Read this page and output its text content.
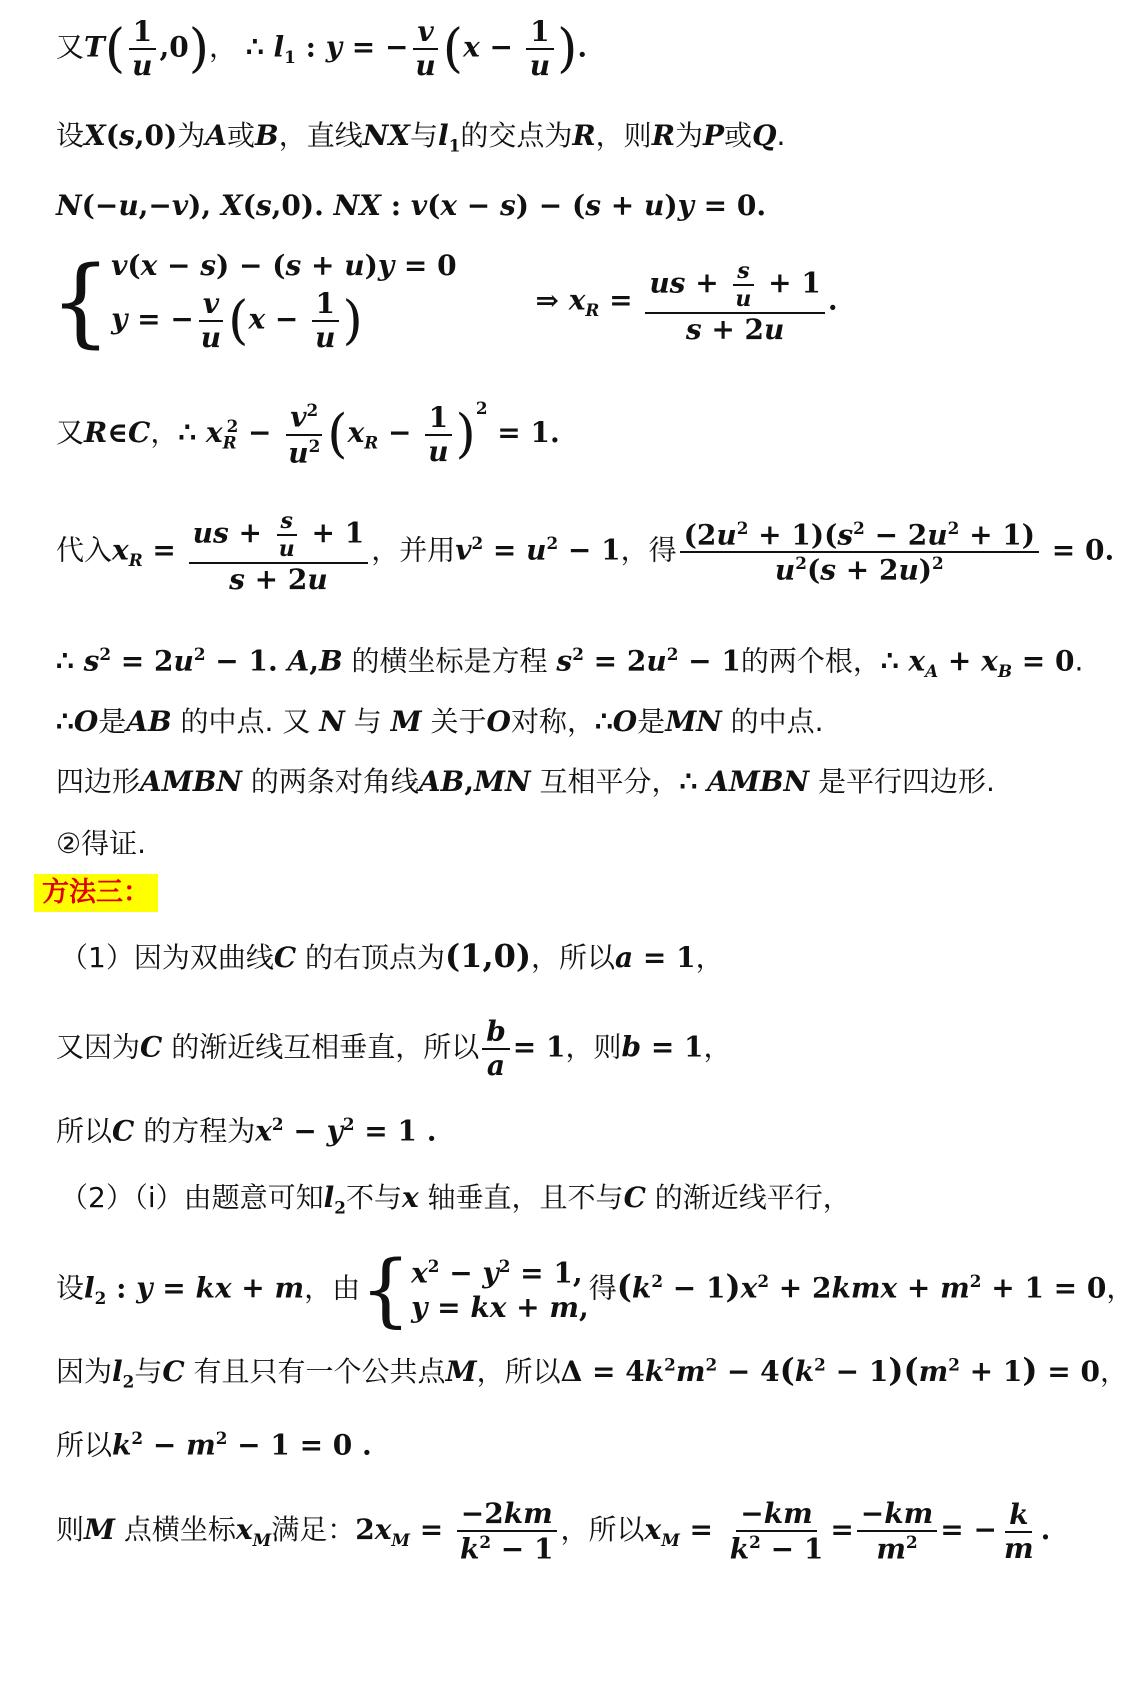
又$T( \frac{1}{u} ,0)$， ∴ $l_1$ : y = − $\frac{v}{u} (x - \frac{1}{u}$ ).
设X(s,0)为A或B，直线NX与$l_1$的交点为R，则R为P或Q.
N(−u,−v), X(s,0). NX : v(x − s) − (s + u)y = 0.
{ v(x − s) − (s + u)y = 0
y = − $\frac{v}{u} (x - \frac{1}{u}$ )	⇒ $x_R = \frac{us + \frac{s}{u} + 1}{s + 2u}$ .
又R∈C，∴ $x_R^2 - \frac{v^2}{u^2} (x_R - \frac{1}{u} )^2 = 1$.
代入$x_R = \frac{us + \frac{s}{u} + 1}{s + 2u}$ ，并用$v^2 = u^2 - 1$，得 $\frac{(2u^2 + 1)(s^2 - 2u^2 + 1)}{u^2(s + 2u)^2} = 0$.
∴ $s^2 = 2u^2 - 1$. A,B 的横坐标是方程 $s^2 = 2u^2 - 1$的两个根，∴ $x_A + x_B = 0$.
∴O是AB 的中点. 又 N 与 M 关于O对称，∴O是MN 的中点.
四边形AMBN 的两条对角线AB,MN 互相平分，∴ AMBN 是平行四边形.
②得证.
方法三：
（1）因为双曲线C 的右顶点为(1,0)，所以a = 1，
又因为C 的渐近线互相垂直，所以 $\frac{b}{a} = 1$，则b = 1，
所以C 的方程为$x^2 - y^2 = 1$ .
（2）（ⅰ）由题意可知$l_2$不与x 轴垂直，且不与C 的渐近线平行，
设$l_2$ : y = kx + m，由{ $x^2 - y^2 = 1$,
y = kx + m,
得$(k^2 - 1)x^2 + 2kmx + m^2 + 1 = 0$，
因为$l_2$与C 有且只有一个公共点M，所以$\Delta = 4k^2m^2 - 4(k^2 - 1)(m^2 + 1) = 0$，
所以$k^2 - m^2 - 1 = 0$ .
则M 点横坐标$x_M$满足：$2x_M = \frac{-2km}{k^2 - 1}$ ，所以$x_M = \frac{-km}{k^2 - 1} = \frac{-km}{m^2}$ = − $\frac{k}{m}$ .
